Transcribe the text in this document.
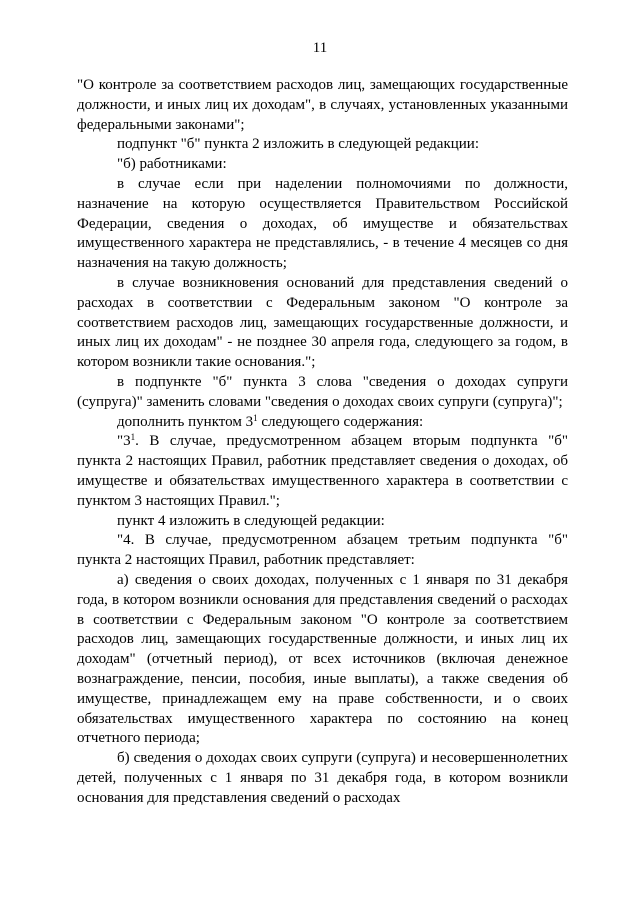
11

"О контроле за соответствием расходов лиц, замещающих государственные должности, и иных лиц их доходам", в случаях, установленных указанными федеральными законами";

подпункт "б" пункта 2 изложить в следующей редакции:

"б) работниками:

в случае если при наделении полномочиями по должности, назначение на которую осуществляется Правительством Российской Федерации, сведения о доходах, об имуществе и обязательствах имущественного характера не представлялись, - в течение 4 месяцев со дня назначения на такую должность;

в случае возникновения оснований для представления сведений о расходах в соответствии с Федеральным законом "О контроле за соответствием расходов лиц, замещающих государственные должности, и иных лиц их доходам" - не позднее 30 апреля года, следующего за годом, в котором возникли такие основания.";

в подпункте "б" пункта 3 слова "сведения о доходах супруги (супруга)" заменить словами "сведения о доходах своих супруги (супруга)";

дополнить пунктом $3^1$ следующего содержания:

"$3^1$. В случае, предусмотренном абзацем вторым подпункта "б" пункта 2 настоящих Правил, работник представляет сведения о доходах, об имуществе и обязательствах имущественного характера в соответствии с пунктом 3 настоящих Правил.";

пункт 4 изложить в следующей редакции:

"4. В случае, предусмотренном абзацем третьим подпункта "б" пункта 2 настоящих Правил, работник представляет:

а) сведения о своих доходах, полученных с 1 января по 31 декабря года, в котором возникли основания для представления сведений о расходах в соответствии с Федеральным законом "О контроле за соответствием расходов лиц, замещающих государственные должности, и иных лиц их доходам" (отчетный период), от всех источников (включая денежное вознаграждение, пенсии, пособия, иные выплаты), а также сведения об имуществе, принадлежащем ему на праве собственности, и о своих обязательствах имущественного характера по состоянию на конец отчетного периода;

б) сведения о доходах своих супруги (супруга) и несовершеннолетних детей, полученных с 1 января по 31 декабря года, в котором возникли основания для представления сведений о расходах
